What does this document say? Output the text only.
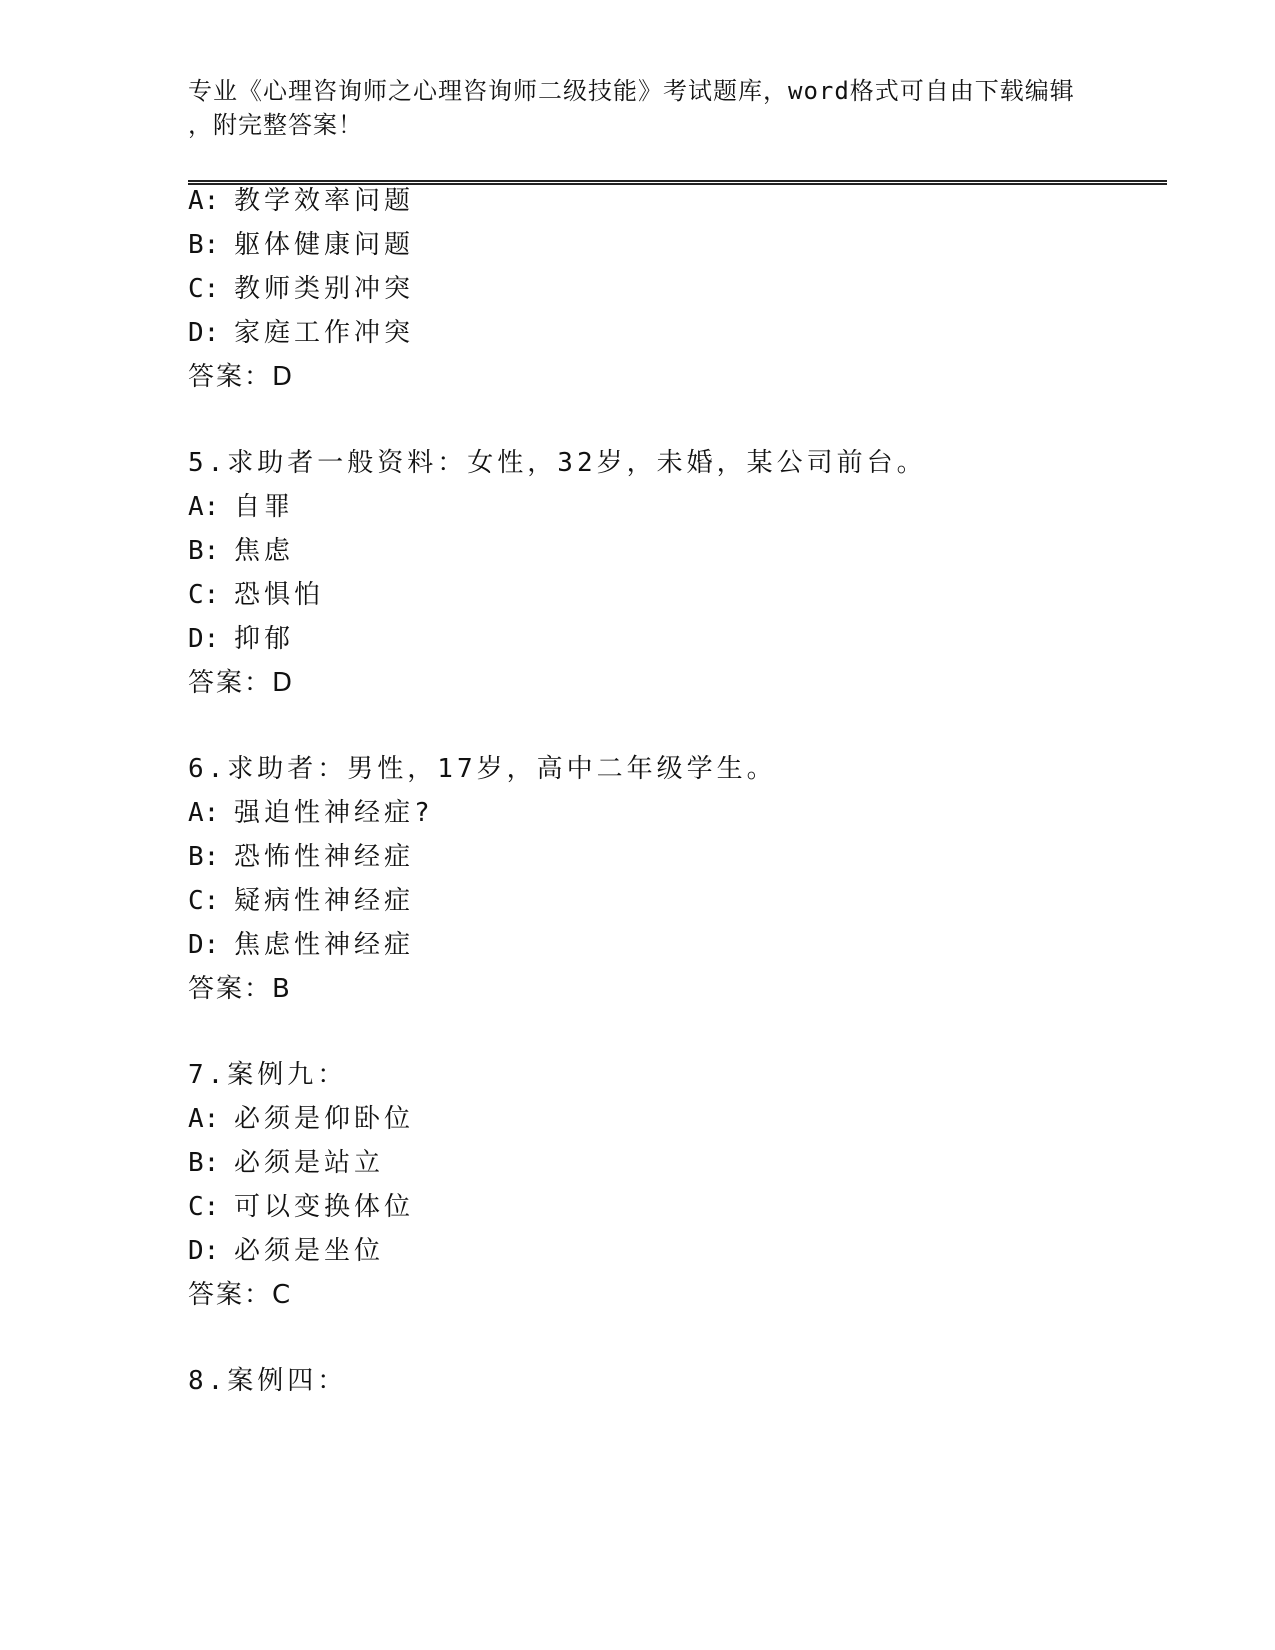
专业《心理咨询师之心理咨询师二级技能》考试题库，word格式可自由下载编辑
，附完整答案！
A: 教学效率问题
B: 躯体健康问题
C: 教师类别冲突
D: 家庭工作冲突
答案：D
5.求助者一般资料：女性，32岁，未婚，某公司前台。
A: 自罪
B: 焦虑
C: 恐惧怕
D: 抑郁
答案：D
6.求助者：男性，17岁，高中二年级学生。
A: 强迫性神经症?
B: 恐怖性神经症
C: 疑病性神经症
D: 焦虑性神经症
答案：B
7.案例九：
A: 必须是仰卧位
B: 必须是站立
C: 可以变换体位
D: 必须是坐位
答案：C
8.案例四：
